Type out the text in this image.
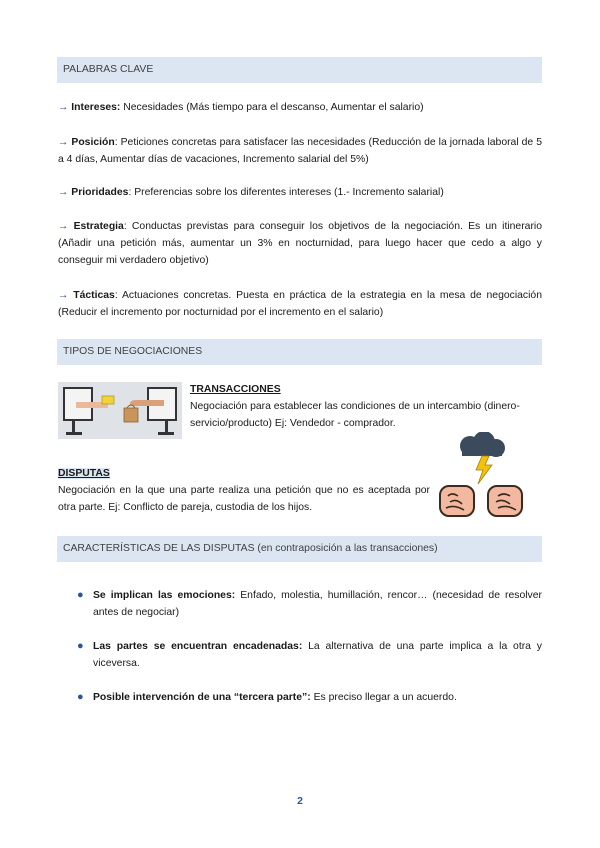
PALABRAS CLAVE
→ Intereses: Necesidades (Más tiempo para el descanso, Aumentar el salario)
→ Posición: Peticiones concretas para satisfacer las necesidades (Reducción de la jornada laboral de 5 a 4 días, Aumentar días de vacaciones, Incremento salarial del 5%)
→ Prioridades: Preferencias sobre los diferentes intereses (1.- Incremento salarial)
→ Estrategia: Conductas previstas para conseguir los objetivos de la negociación. Es un itinerario (Añadir una petición más, aumentar un 3% en nocturnidad, para luego hacer que cedo a algo y conseguir mi verdadero objetivo)
→ Tácticas: Actuaciones concretas. Puesta en práctica de la estrategia en la mesa de negociación (Reducir el incremento por nocturnidad por el incremento en el salario)
TIPOS DE NEGOCIACIONES
TRANSACCIONES
Negociación para establecer las condiciones de un intercambio (dinero-servicio/producto) Ej: Vendedor - comprador.
DISPUTAS
Negociación en la que una parte realiza una petición que no es aceptada por otra parte. Ej: Conflicto de pareja, custodia de los hijos.
CARACTERÍSTICAS DE LAS DISPUTAS (en contraposición a las transacciones)
● Se implican las emociones: Enfado, molestia, humillación, rencor… (necesidad de resolver antes de negociar)
● Las partes se encuentran encadenadas: La alternativa de una parte implica a la otra y viceversa.
● Posible intervención de una “tercera parte”: Es preciso llegar a un acuerdo.
2
